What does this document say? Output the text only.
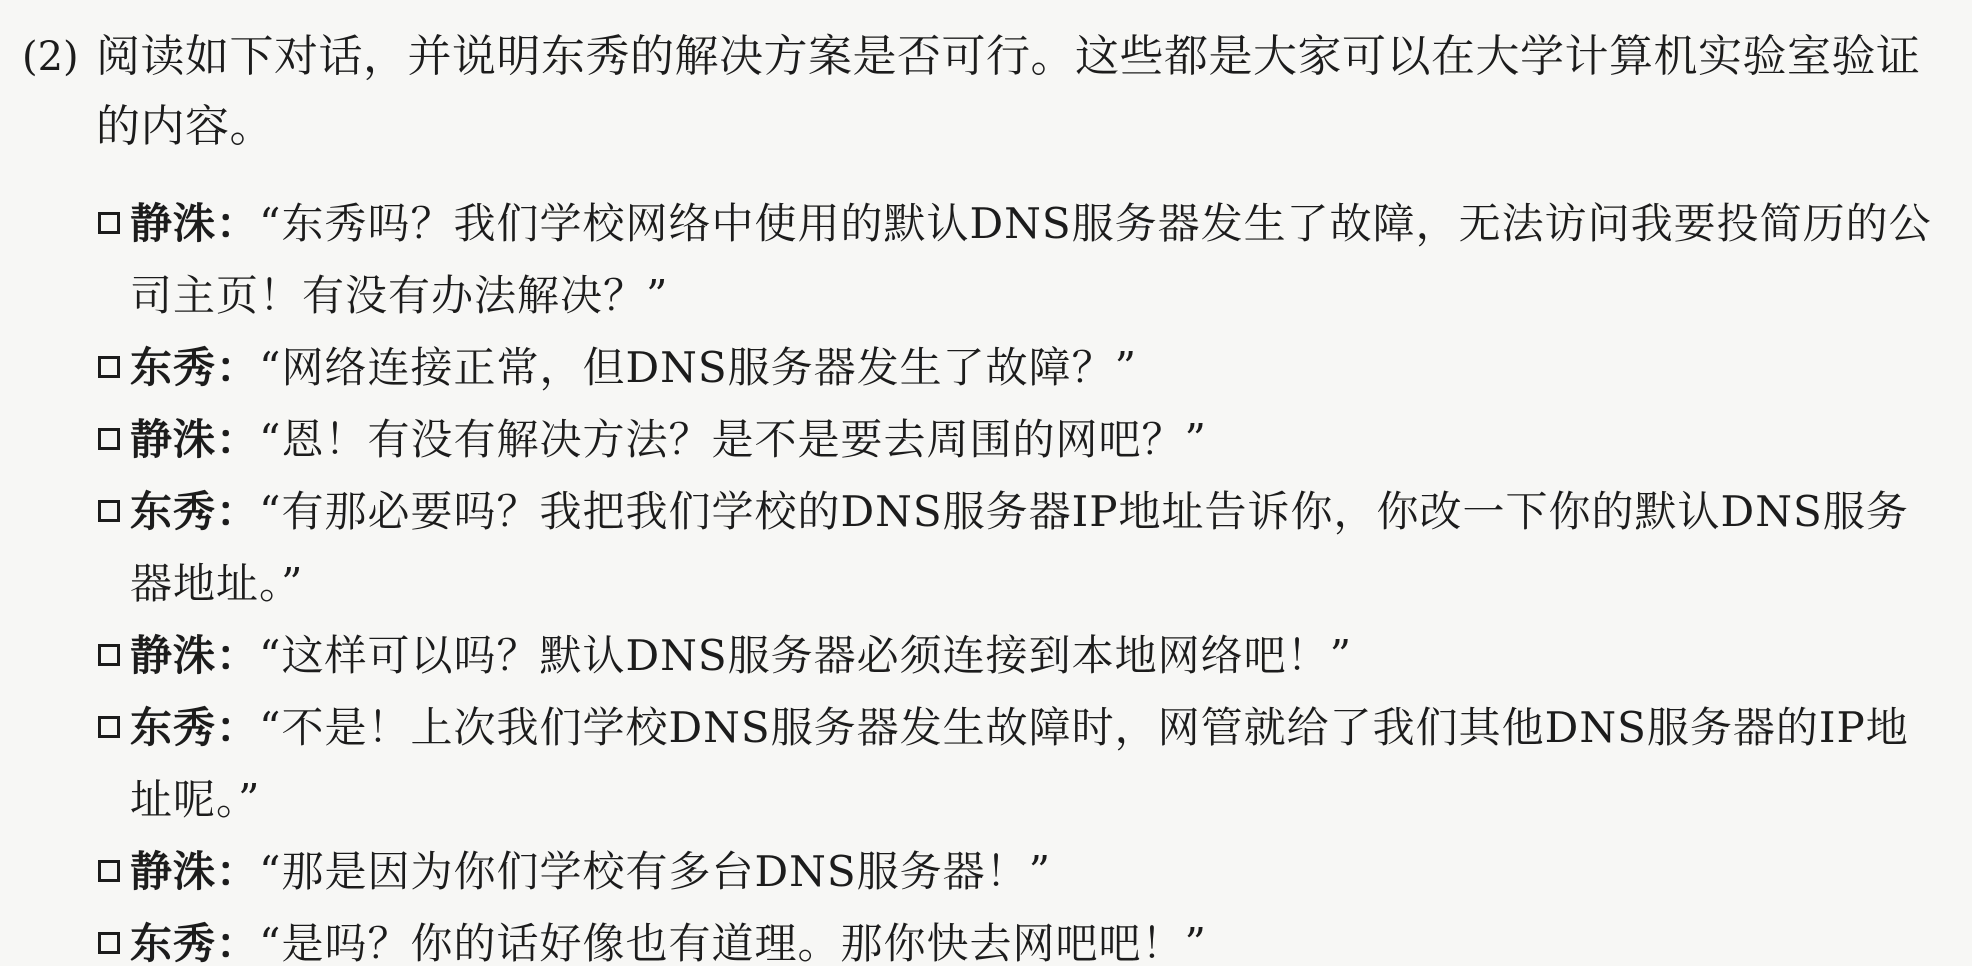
(2) 阅读如下对话，并说明东秀的解决方案是否可行。这些都是大家可以在大学计算机实验室验证的内容。
静洙：“东秀吗？我们学校网络中使用的默认DNS服务器发生了故障，无法访问我要投简历的公司主页！有没有办法解决？”
东秀：“网络连接正常，但DNS服务器发生了故障？”
静洙：“恩！有没有解决方法？是不是要去周围的网吧？”
东秀：“有那必要吗？我把我们学校的DNS服务器IP地址告诉你，你改一下你的默认DNS服务器地址。”
静洙：“这样可以吗？默认DNS服务器必须连接到本地网络吧！”
东秀：“不是！上次我们学校DNS服务器发生故障时，网管就给了我们其他DNS服务器的IP地址呢。”
静洙：“那是因为你们学校有多台DNS服务器！”
东秀：“是吗？你的话好像也有道理。那你快去网吧吧！”
